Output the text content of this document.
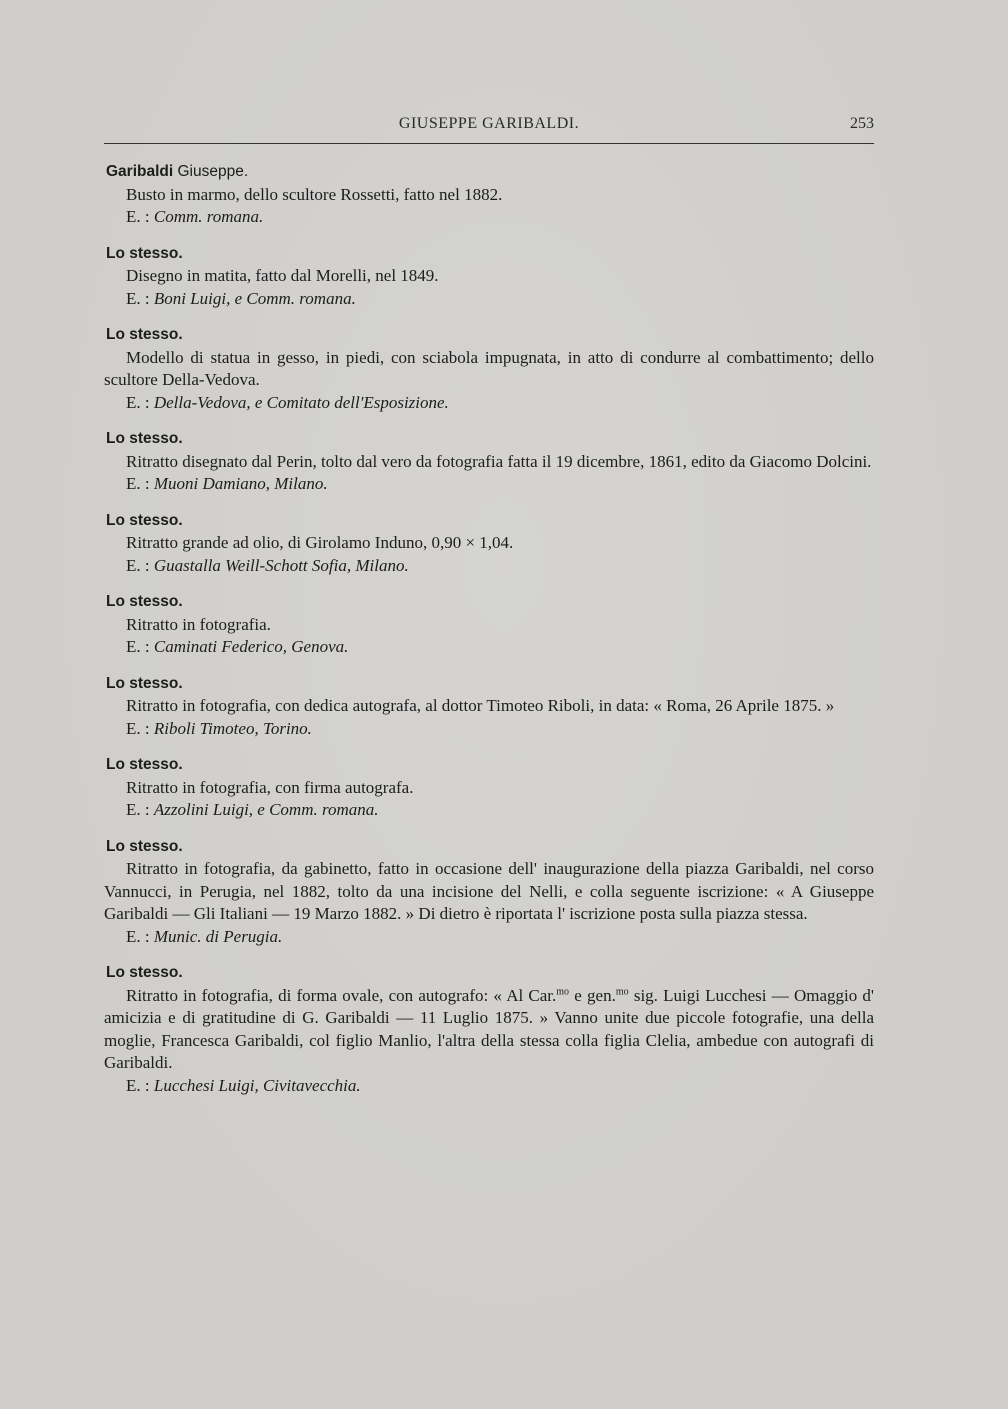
GIUSEPPE GARIBALDI.	253
Garibaldi Giuseppe.
Busto in marmo, dello scultore Rossetti, fatto nel 1882.
E. : Comm. romana.
Lo stesso.
Disegno in matita, fatto dal Morelli, nel 1849.
E. : Boni Luigi, e Comm. romana.
Lo stesso.
Modello di statua in gesso, in piedi, con sciabola impugnata, in atto di condurre al combattimento; dello scultore Della-Vedova.
E. : Della-Vedova, e Comitato dell'Esposizione.
Lo stesso.
Ritratto disegnato dal Perin, tolto dal vero da fotografia fatta il 19 dicembre, 1861, edito da Giacomo Dolcini.
E. : Muoni Damiano, Milano.
Lo stesso.
Ritratto grande ad olio, di Girolamo Induno, 0,90 × 1,04.
E. : Guastalla Weill-Schott Sofia, Milano.
Lo stesso.
Ritratto in fotografia.
E. : Caminati Federico, Genova.
Lo stesso.
Ritratto in fotografia, con dedica autografa, al dottor Timoteo Riboli, in data: « Roma, 26 Aprile 1875. »
E. : Riboli Timoteo, Torino.
Lo stesso.
Ritratto in fotografia, con firma autografa.
E. : Azzolini Luigi, e Comm. romana.
Lo stesso.
Ritratto in fotografia, da gabinetto, fatto in occasione dell' inaugurazione della piazza Garibaldi, nel corso Vannucci, in Perugia, nel 1882, tolto da una incisione del Nelli, e colla seguente iscrizione: « A Giuseppe Garibaldi — Gli Italiani — 19 Marzo 1882. » Di dietro è riportata l' iscrizione posta sulla piazza stessa.
E. : Munic. di Perugia.
Lo stesso.
Ritratto in fotografia, di forma ovale, con autografo: « Al Car.$^{mo}$ e gen.$^{mo}$ sig. Luigi Lucchesi — Omaggio d' amicizia e di gratitudine di G. Garibaldi — 11 Luglio 1875. » Vanno unite due piccole fotografie, una della moglie, Francesca Garibaldi, col figlio Manlio, l'altra della stessa colla figlia Clelia, ambedue con autografi di Garibaldi.
E. : Lucchesi Luigi, Civitavecchia.
